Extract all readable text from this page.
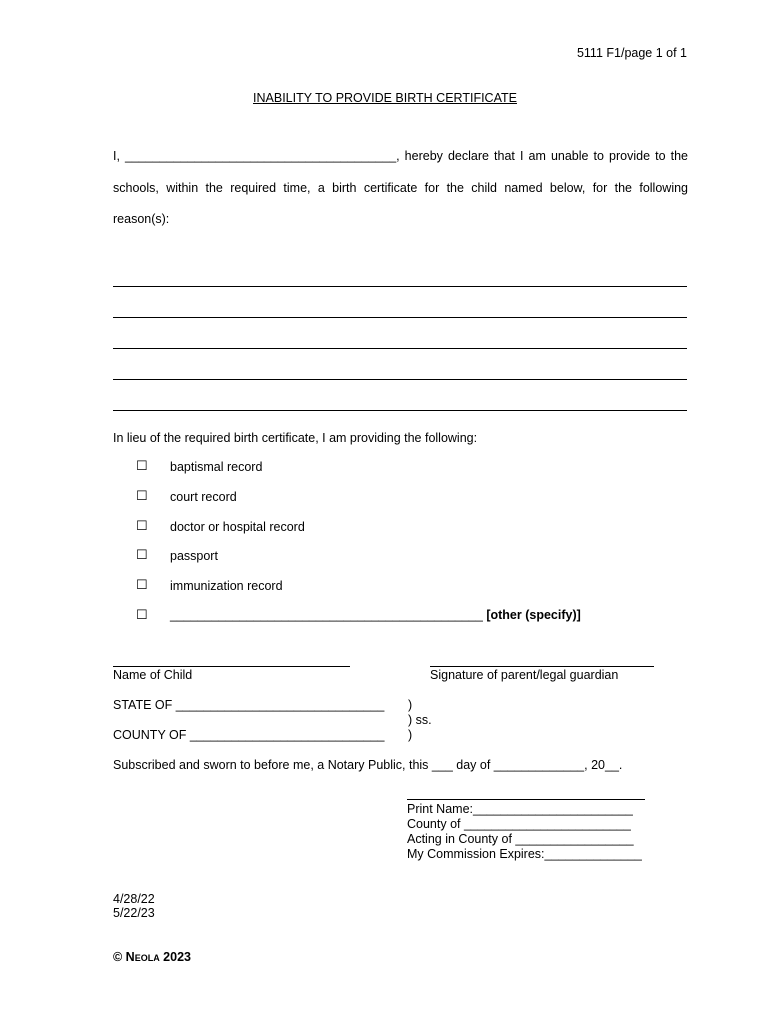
5111 F1/page 1 of 1
INABILITY TO PROVIDE BIRTH CERTIFICATE
I, _______________________________________, hereby declare that I am unable to provide to the
schools, within the required time, a birth certificate for the child named below, for the following
reason(s):
In lieu of the required birth certificate, I am providing the following:
☐ baptismal record
☐ court record
☐ doctor or hospital record
☐ passport
☐ immunization record
☐ _____________________________________________ [other (specify)]
Name of Child	Signature of parent/legal guardian
STATE OF ______________________________ )
) ss.
COUNTY OF ____________________________ )
Subscribed and sworn to before me, a Notary Public, this ___ day of _____________, 20__.
Print Name:_______________________
County of ________________________
Acting in County of _________________
My Commission Expires:______________
4/28/22
5/22/23
© Neola 2023
